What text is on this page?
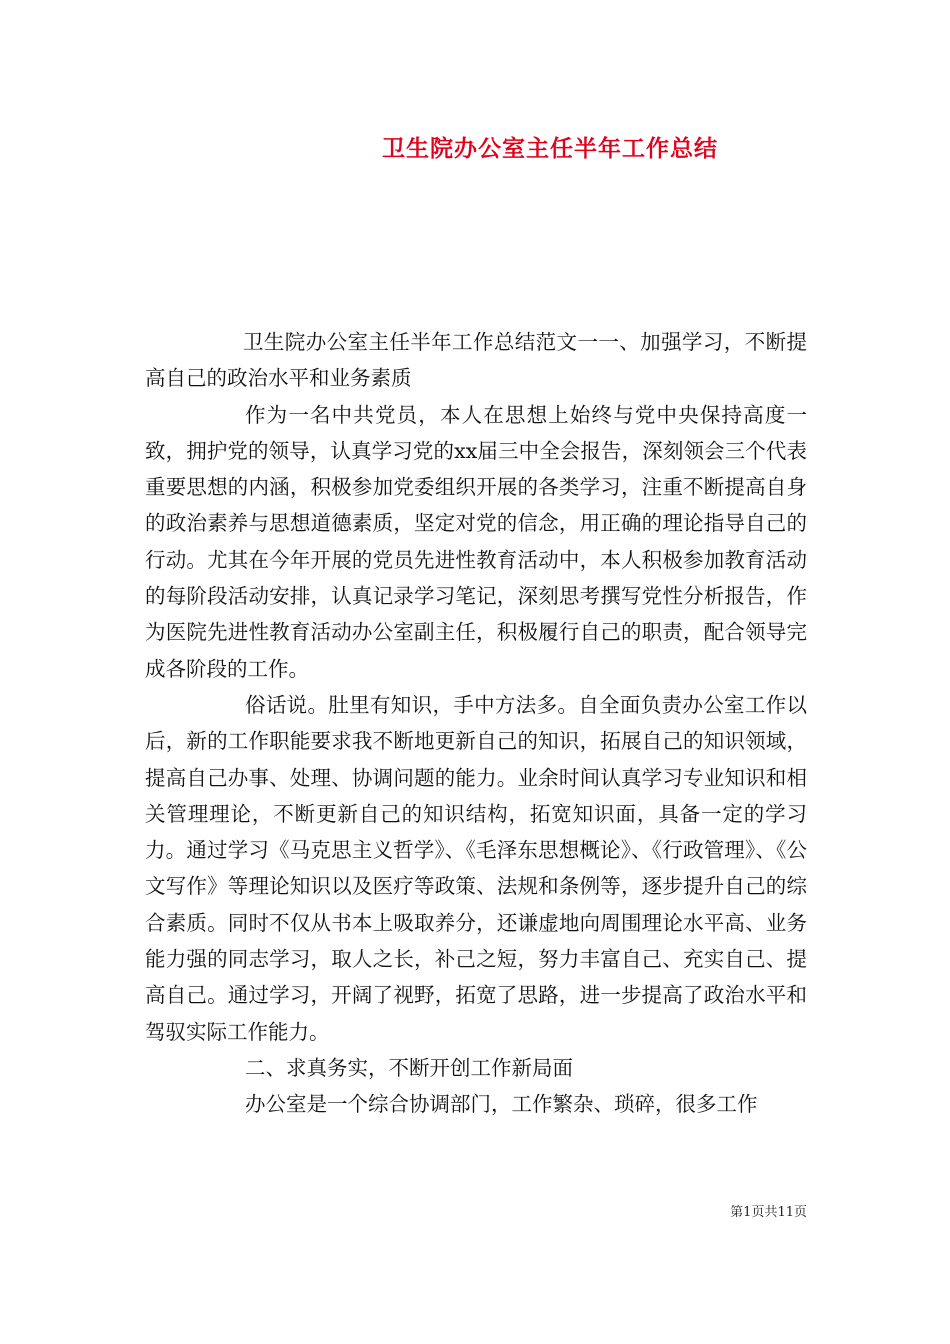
卫生院办公室主任半年工作总结

卫生院办公室主任半年工作总结范文一一、加强学习，不断提高自己的政治水平和业务素质

作为一名中共党员，本人在思想上始终与党中央保持高度一致，拥护党的领导，认真学习党的xx届三中全会报告，深刻领会三个代表重要思想的内涵，积极参加党委组织开展的各类学习，注重不断提高自身的政治素养与思想道德素质，坚定对党的信念，用正确的理论指导自己的行动。尤其在今年开展的党员先进性教育活动中，本人积极参加教育活动的每阶段活动安排，认真记录学习笔记，深刻思考撰写党性分析报告，作为医院先进性教育活动办公室副主任，积极履行自己的职责，配合领导完成各阶段的工作。

俗话说。肚里有知识，手中方法多。自全面负责办公室工作以后，新的工作职能要求我不断地更新自己的知识，拓展自己的知识领域，提高自己办事、处理、协调问题的能力。业余时间认真学习专业知识和相关管理理论，不断更新自己的知识结构，拓宽知识面，具备一定的学习力。通过学习《马克思主义哲学》、《毛泽东思想概论》、《行政管理》、《公文写作》等理论知识以及医疗等政策、法规和条例等，逐步提升自己的综合素质。同时不仅从书本上吸取养分，还谦虚地向周围理论水平高、业务能力强的同志学习，取人之长，补己之短，努力丰富自己、充实自己、提高自己。通过学习，开阔了视野，拓宽了思路，进一步提高了政治水平和驾驭实际工作能力。

二、求真务实，不断开创工作新局面

办公室是一个综合协调部门，工作繁杂、琐碎，很多工作

第1页共11页
